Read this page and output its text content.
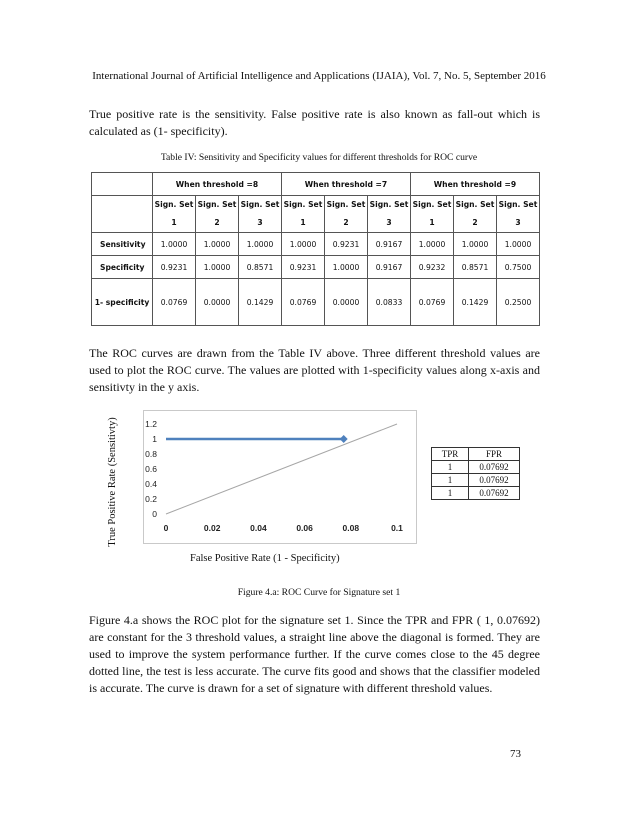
International Journal of Artificial Intelligence and Applications (IJAIA), Vol. 7, No. 5, September 2016
True positive rate is the sensitivity. False positive rate is also known as fall-out which is calculated as (1- specificity).
Table IV: Sensitivity and Specificity values for different thresholds for ROC curve
	When threshold =8			When threshold =7			When threshold =9		
	Sign. Set 1	Sign. Set 2	Sign. Set 3	Sign. Set 1	Sign. Set 2	Sign. Set 3	Sign. Set 1	Sign. Set 2	Sign. Set 3
Sensitivity	1.0000	1.0000	1.0000	1.0000	0.9231	0.9167	1.0000	1.0000	1.0000
Specificity	0.9231	1.0000	0.8571	0.9231	1.0000	0.9167	0.9232	0.8571	0.7500
1- specificity	0.0769	0.0000	0.1429	0.0769	0.0000	0.0833	0.0769	0.1429	0.2500
The ROC curves are drawn from the Table IV above. Three different threshold values are used to plot the ROC curve. The values are plotted with 1-specificity values along x-axis and sensitivty in the y axis.
True Positive Rate (Sensitivty)	0
0.2
0.4
0.6
0.8
1
1.2
0	0.02	0.04	0.06	0.08	0.1
False Positive Rate (1 - Specificity)
TPR	FPR
1	0.07692
1	0.07692
1	0.07692
Figure 4.a: ROC Curve for Signature set 1
Figure 4.a shows the ROC plot for the signature set 1. Since the TPR and FPR ( 1, 0.07692) are constant for the 3 threshold values, a straight line above the diagonal is formed. They are used to improve the system performance further. If the curve comes close to the 45 degree dotted line, the test is less accurate. The curve fits good and shows that the classifier modeled is accurate. The curve is drawn for a set of signature with different threshold values.
73
